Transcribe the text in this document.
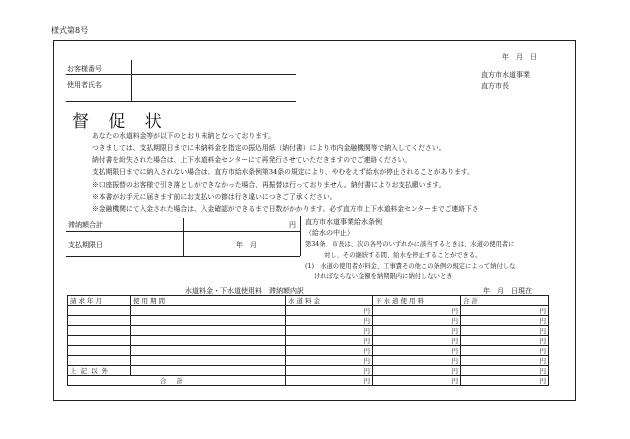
様式第8号
年　月　日
お客様番号
使用者氏名
直方市水道事業
直方市長
督 促 状
あなたの水道料金等が以下のとおり未納となっております。
つきましては、支払期限日までに未納料金を指定の振込用紙（納付書）により市内金融機関等で納入してください。
納付書を紛失された場合は、上下水道料金センターにて再発行させていただきますのでご連絡ください。
支払期限日までに納入されない場合は、直方市給水条例第34条の規定により、やむをえず給水が停止されることがあります。
※口座振替のお客様で引き落としができなかった場合、再振替は行っておりません。納付書によりお支払願います。
※本書がお手元に届きます前にお支払いの節は行き違いにつきご了承ください。
※金融機関にて入金された場合は、入金確認ができるまで日数がかかります。必ず直方市上下水道料金センターまでご連絡下さ
滞納額合計	円
支払期限日	年　月
直方市水道事業給水条例
（給水の中止）
第34条　市長は、次の各号のいずれかに該当するときは、水道の使用者に
対し、その継続する間、給水を停止することができる。
(1)　水道の使用者が料金、工事費その他この条例の規定によって納付しな
ければならない金額を納期限内に納付しないとき
水道料金・下水道使用料　滞納額内訳	年　月　日現在
請求年月	使用期間	水道料金	下水道使用料	合計
		円	円	円
		円	円	円
		円	円	円
		円	円	円
		円	円	円
		円	円	円
上記以外		円	円	円
合計		円	円	円
